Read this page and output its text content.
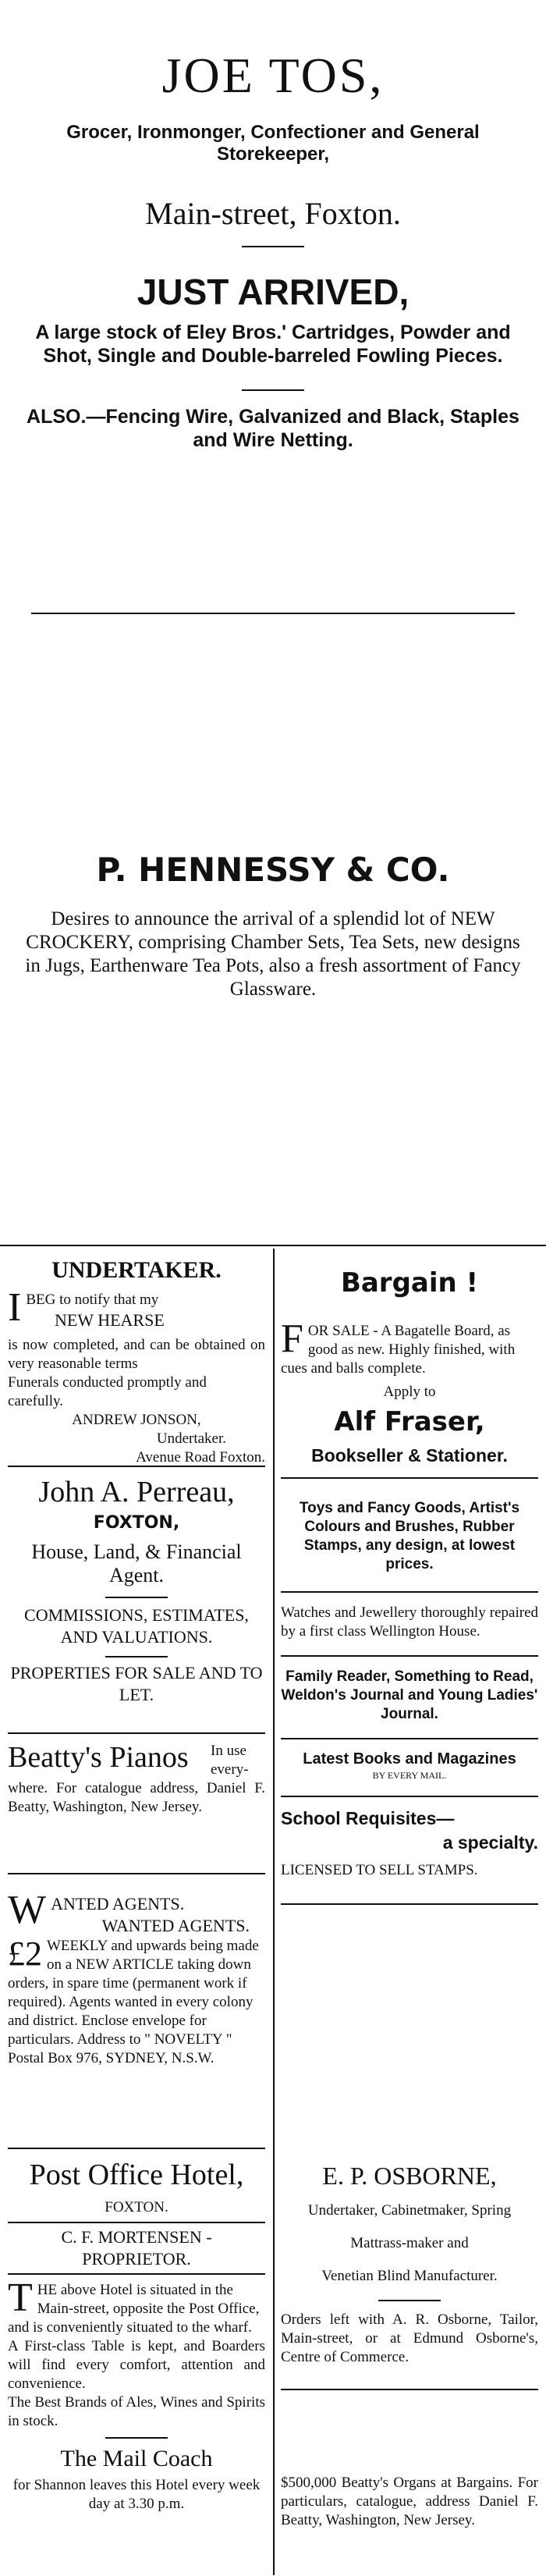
JOE TOS,

Grocer, Ironmonger, Confectioner and General Storekeeper,

Main-street, Foxton.

JUST ARRIVED,

A large stock of Eley Bros.' Cartridges, Powder and Shot, Single and Double-barreled Fowling Pieces.

ALSO.—Fencing Wire, Galvanized and Black, Staples and Wire Netting.

P. HENNESSY & CO.

Desires to announce the arrival of a splendid lot of NEW CROCKERY, comprising Chamber Sets, Tea Sets, new designs in Jugs, Earthenware Tea Pots, also a fresh assortment of Fancy Glassware.

UNDERTAKER.

I BEG to notify that my
NEW HEARSE

is now completed, and can be obtained on very reasonable terms

Funerals conducted promptly and carefully.

ANDREW JONSON,

Undertaker.

Avenue Road Foxton.

John A. Perreau,

FOXTON,

House, Land, & Financial Agent.

COMMISSIONS, ESTIMATES, AND VALUATIONS.

PROPERTIES FOR SALE AND TO LET.

Beatty's Pianos In use every-

where. For catalogue address, Daniel F. Beatty, Washington, New Jersey.

W ANTED AGENTS.
WANTED AGENTS.
£2 WEEKLY and upwards being made on a NEW ARTICLE taking down orders, in spare time (permanent work if required). Agents wanted in every colony and district. Enclose envelope for particulars. Address to " NOVELTY " Postal Box 976, SYDNEY, N.S.W.

Post Office Hotel,

FOXTON.

C. F. MORTENSEN - PROPRIETOR.

T HE above Hotel is situated in the Main-street, opposite the Post Office, and is conveniently situated to the wharf.

A First-class Table is kept, and Boarders will find every comfort, attention and convenience.

The Best Brands of Ales, Wines and Spirits in stock.

The Mail Coach

for Shannon leaves this Hotel every week day at 3.30 p.m.

Bargain !

F OR SALE - A Bagatelle Board, as good as new. Highly finished, with cues and balls complete.

Apply to

Alf Fraser,

Bookseller & Stationer.

Toys and Fancy Goods, Artist's Colours and Brushes, Rubber Stamps, any design, at lowest prices.

Watches and Jewellery thoroughly repaired by a first class Wellington House.

Family Reader, Something to Read, Weldon's Journal and Young Ladies' Journal.

Latest Books and Magazines

BY EVERY MAIL.

School Requisites—

a specialty.

LICENSED TO SELL STAMPS.

E. P. OSBORNE,

Undertaker, Cabinetmaker, Spring

Mattrass-maker and

Venetian Blind Manufacturer.

Orders left with A. R. Osborne, Tailor, Main-street, or at Edmund Osborne's, Centre of Commerce.

$500,000 Beatty's Organs at Bargains. For particulars, catalogue, address Daniel F. Beatty, Washington, New Jersey.
